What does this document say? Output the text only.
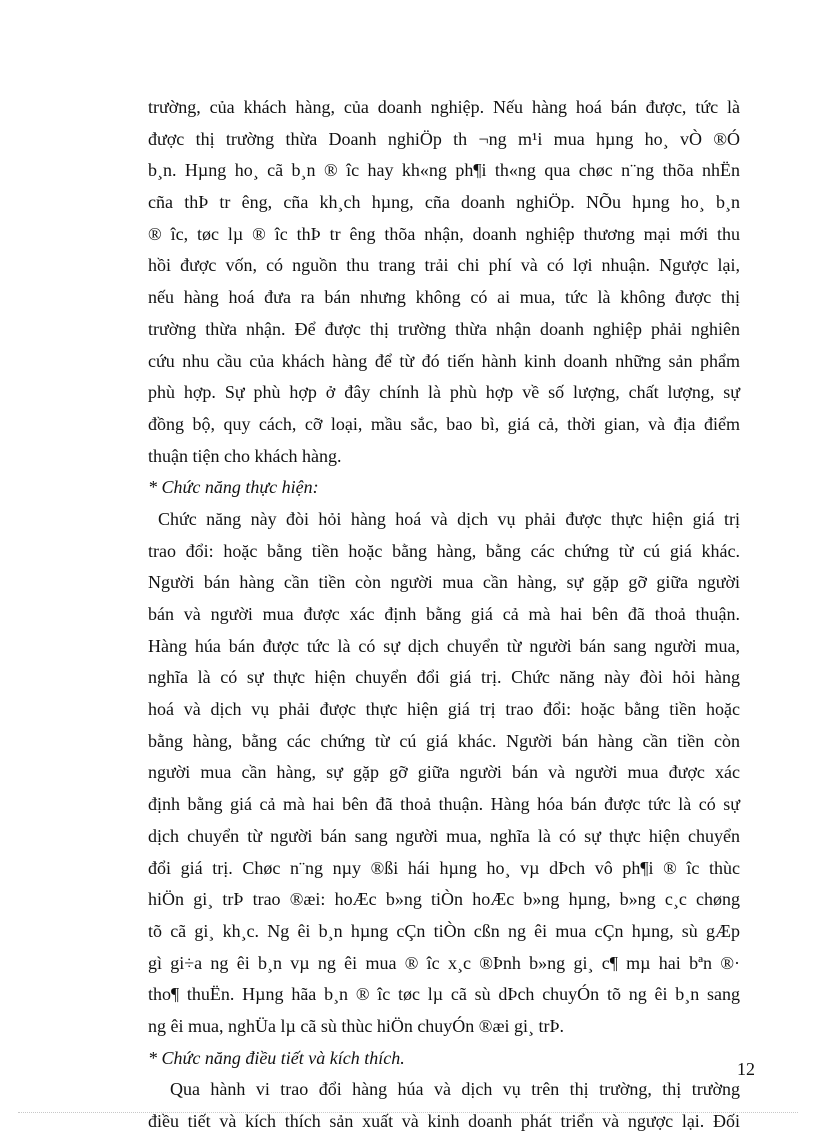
trường, của khách hàng, của doanh nghiệp. Nếu hàng hoá bán được, tức là
được thị trường thừa Doanh nghiÖp th ¬ng m¹i mua hµng ho¸ vÒ ®Ó
b¸n. Hµng ho¸ cã b¸n ® îc hay kh«ng ph¶i th«ng qua chøc n¨ng thõa nhËn
cña thÞ tr êng, cña kh¸ch hµng, cña doanh nghiÖp. NÕu hµng ho¸ b¸n
® îc, tøc lµ ® îc thÞ tr êng thõa nhận, doanh nghiệp thương mại mới thu
hồi được vốn, có nguồn thu trang trải chi phí và có lợi nhuận. Ngược lại,
nếu hàng hoá đưa ra bán nhưng không có ai mua, tức là không được thị
trường thừa nhận. Để được thị trường thừa nhận doanh nghiệp phải nghiên
cứu nhu cầu của khách hàng để từ đó tiến hành kinh doanh những sản phẩm
phù hợp. Sự phù hợp ở đây chính là phù hợp về số lượng, chất lượng, sự
đồng bộ, quy cách, cỡ loại, mầu sắc, bao bì, giá cả, thời gian, và địa điểm
thuận tiện cho khách hàng.
* Chức năng thực hiện:
Chức năng này đòi hỏi hàng hoá và dịch vụ phải được thực hiện giá trị
trao đổi: hoặc bằng tiền hoặc bằng hàng, bằng các chứng từ cú giá khác.
Người bán hàng cần tiền còn người mua cần hàng, sự gặp gỡ giữa người
bán và người mua được xác định bằng giá cả mà hai bên đã thoả thuận.
Hàng húa bán được tức là có sự dịch chuyển từ người bán sang người mua,
nghĩa là có sự thực hiện chuyển đổi giá trị. Chức năng này đòi hỏi hàng
hoá và dịch vụ phải được thực hiện giá trị trao đổi: hoặc bằng tiền hoặc
bằng hàng, bằng các chứng từ cú giá khác. Người bán hàng cần tiền còn
người mua cần hàng, sự gặp gỡ giữa người bán và người mua được xác
định bằng giá cả mà hai bên đã thoả thuận. Hàng hóa bán được tức là có sự
dịch chuyển từ người bán sang người mua, nghĩa là có sự thực hiện chuyển
đổi giá trị. Chøc n¨ng nµy ®ßi hái hµng ho¸ vµ dÞch vô ph¶i ® îc thùc
hiÖn gi¸ trÞ trao ®æi: hoÆc b»ng tiÒn hoÆc b»ng hµng, b»ng c¸c chøng
tõ cã gi¸ kh¸c. Ng êi b¸n hµng cÇn tiÒn cßn ng êi mua cÇn hµng, sù gÆp
gì gi÷a ng êi b¸n vµ ng êi mua ® îc x¸c ®Þnh b»ng gi¸ c¶ mµ hai bªn ®·
tho¶ thuËn. Hµng hãa b¸n ® îc tøc lµ cã sù dÞch chuyÓn tõ ng êi b¸n sang
ng êi mua, nghÜa lµ cã sù thùc hiÖn chuyÓn ®æi gi¸ trÞ.
* Chức năng điều tiết và kích thích.
Qua hành vi trao đổi hàng húa và dịch vụ trên thị trường, thị trường
điều tiết và kích thích sản xuất và kinh doanh phát triển và ngược lại. Đối
12
